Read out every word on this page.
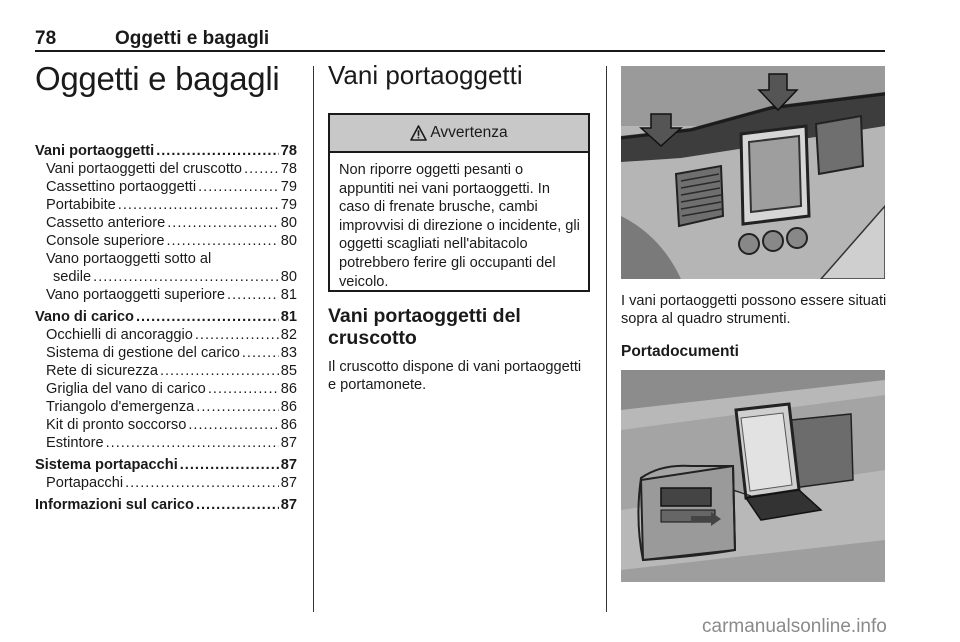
78	Oggetti e bagagli
Oggetti e bagagli
Vani portaoggetti .....	78
Vani portaoggetti del cruscotto .....	78
Cassettino portaoggetti .....	79
Portabibite .....	79
Cassetto anteriore .....	80
Console superiore .....	80
Vano portaoggetti sotto al
sedile .....	80
Vano portaoggetti superiore .....	81
Vano di carico .....	81
Occhielli di ancoraggio .....	82
Sistema di gestione del carico .....	83
Rete di sicurezza .....	85
Griglia del vano di carico .....	86
Triangolo d'emergenza .....	86
Kit di pronto soccorso .....	86
Estintore .....	87
Sistema portapacchi .....	87
Portapacchi .....	87
Informazioni sul carico .....	87
Vani portaoggetti
Avvertenza
Non riporre oggetti pesanti o appuntiti nei vani portaoggetti. In caso di frenate brusche, cambi improvvisi di direzione o incidente, gli oggetti scagliati nell'abitacolo potrebbero ferire gli occupanti del veicolo.
Vani portaoggetti del cruscotto
Il cruscotto dispone di vani portaoggetti e portamonete.
I vani portaoggetti possono essere situati sopra al quadro strumenti.
Portadocumenti
carmanualsonline.info
